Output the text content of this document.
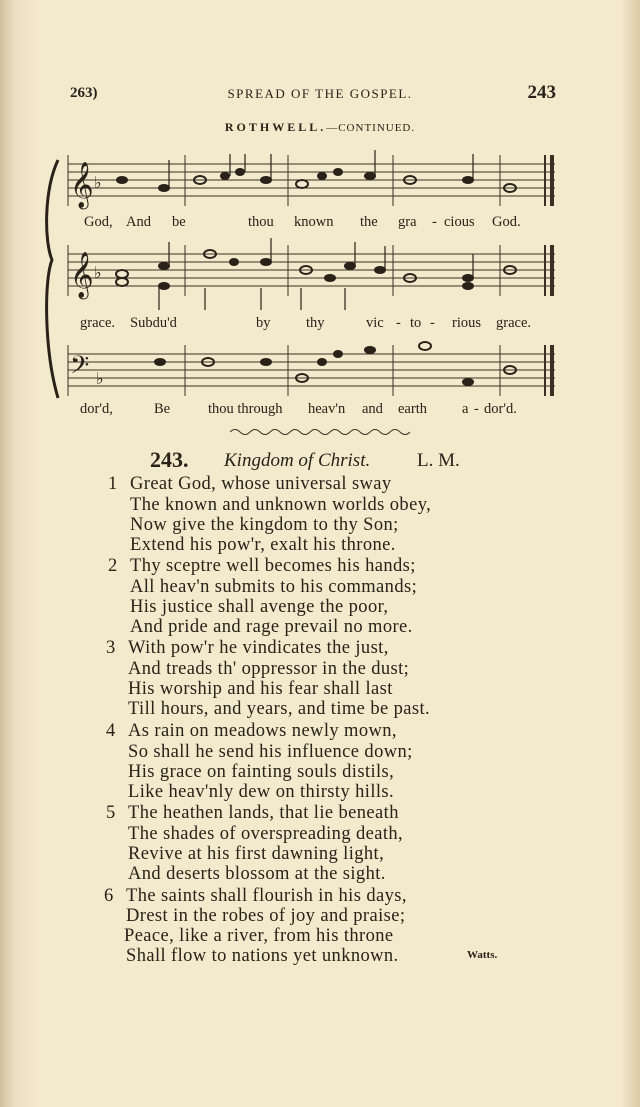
263)	SPREAD OF THE GOSPEL.	243
ROTHWELL.—CONTINUED.
𝄞 ♭
𝄞 ♭
𝄢 ♭
God, And be	thou known the gra - cious God.
grace. Subdu'd	by thy	vic - to - rious grace.
dor'd,	Be	thou through heav'n and earth a - dor'd.
243. Kingdom of Christ. L. M.
1 Great God, whose universal sway
The known and unknown worlds obey,
Now give the kingdom to thy Son;
Extend his pow'r, exalt his throne.
2 Thy sceptre well becomes his hands;
All heav'n submits to his commands;
His justice shall avenge the poor,
And pride and rage prevail no more.
3 With pow'r he vindicates the just,
And treads th' oppressor in the dust;
His worship and his fear shall last
Till hours, and years, and time be past.
4 As rain on meadows newly mown,
So shall he send his influence down;
His grace on fainting souls distils,
Like heav'nly dew on thirsty hills.
5 The heathen lands, that lie beneath
The shades of overspreading death,
Revive at his first dawning light,
And deserts blossom at the sight.
6 The saints shall flourish in his days,
Drest in the robes of joy and praise;
Peace, like a river, from his throne
Shall flow to nations yet unknown.	Watts.
